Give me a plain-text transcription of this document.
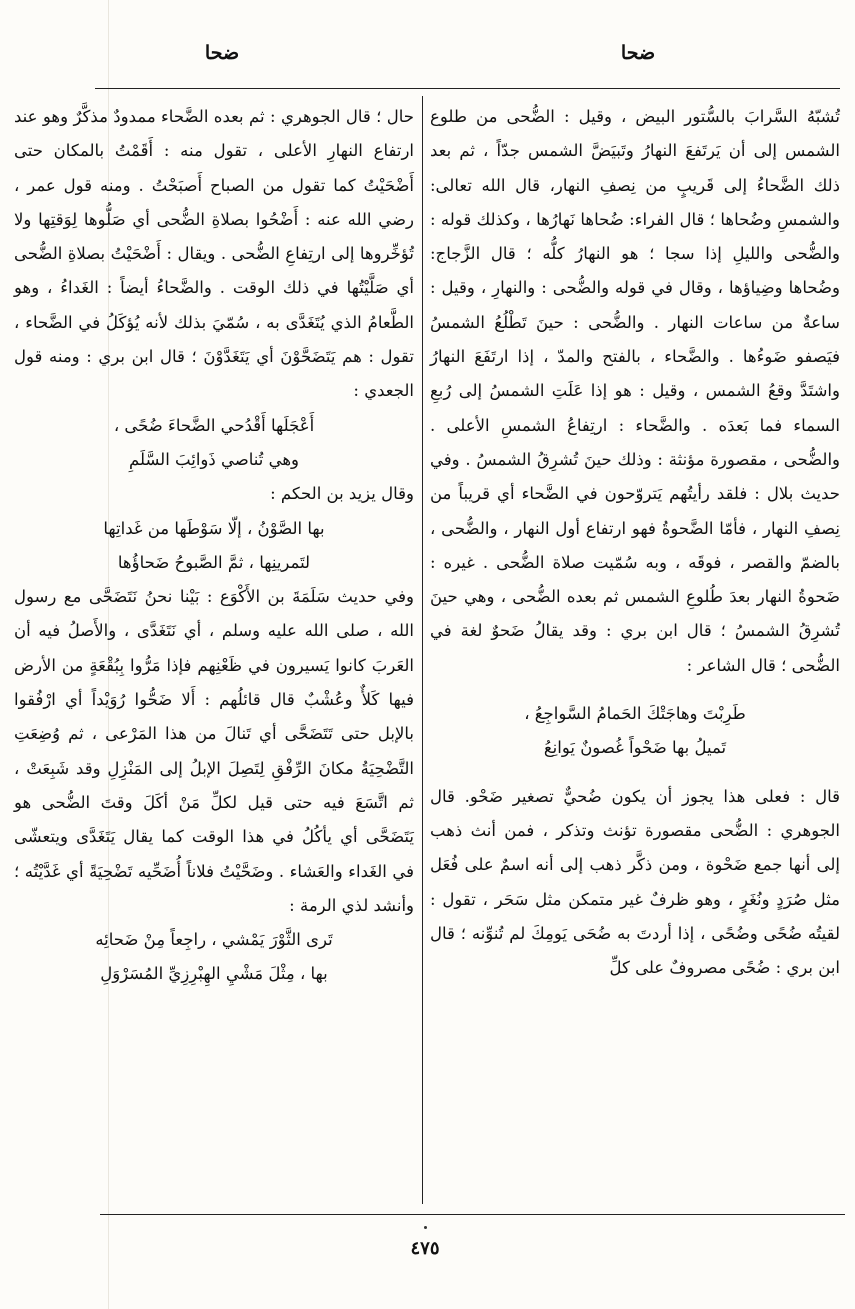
ضحا
ضحا

تُشبّهُ السَّرابَ بالسُّتور البيض ، وقيل : الضُّحى من طلوع الشمس إلى أن يَرتَفعَ النهارُ وتَبيَضَّ الشمس جدّاً ، ثم بعد ذلك الضَّحاءُ إلى قَريبٍ من نِصفِ النهار، قال الله تعالى: والشمسِ وضُحاها ؛ قال الفراء: ضُحاها نَهارُها ، وكذلك قوله : والضُّحى والليلِ إذا سجا ؛ هو النهارُ كلُّه ؛ قال الزَّجاج: وضُحاها وضِياؤها ، وقال في قوله والضُّحى : والنهارِ ، وقيل : ساعةٌ من ساعات النهار . والضُّحى : حينَ تَطْلُعُ الشمسُ فيَصفو ضَوءُها . والضَّحاء ، بالفتح والمدّ ، إذا ارتَفَعَ النهارُ واشتَدَّ وقعُ الشمس ، وقيل : هو إذا عَلَتِ الشمسُ إلى رُبعِ السماء فما بَعدَه . والضَّحاء : ارتِفاعُ الشمسِ الأعلى . والضُّحى ، مقصورة مؤنثة : وذلك حينَ تُشرِقُ الشمسُ . وفي حديث بلال : فلقد رأيتُهم يَتروّحون في الضَّحاء أي قريباً من نِصفِ النهار ، فأمّا الضَّحوةُ فهو ارتفاع أول النهار ، والضُّحى ، بالضمّ والقصر ، فوقَه ، وبه سُمّيت صلاة الضُّحى . غيره : ضَحوةُ النهار بعدَ طُلوعِ الشمس ثم بعده الضُّحى ، وهي حينَ تُشرِقُ الشمسُ ؛ قال ابن بري : وقد يقالُ ضَحوٌ لغة في الضُّحى ؛ قال الشاعر :

طَرِبْتَ وهاجَتْكَ الحَمامُ السَّواجِعُ ،

تَميلُ بها ضَحْواً غُصونٌ يَوانِعُ

قال : فعلى هذا يجوز أن يكون ضُحيٌّ تصغير ضَحْو. قال الجوهري : الضُّحى مقصورة تؤنث وتذكر ، فمن أنث ذهب إلى أنها جمع ضَحْوة ، ومن ذكَّر ذهب إلى أنه اسمٌ على فُعَل مثل صُرَدٍ ونُغَرٍ ، وهو ظرفٌ غير متمكن مثل سَحَر ، تقول : لقيتُه ضُحًى وضُحًى ، إذا أردتَ به ضُحَى يَومِكَ لم تُنوِّنه ؛ قال ابن بري : ضُحًى مصروفٌ على كلِّ

حال ؛ قال الجوهري : ثم بعده الضَّحاء ممدودٌ مذكَّرٌ وهو عند ارتفاع النهارِ الأعلى ، تقول منه : أَقَمْتُ بالمكان حتى أَضْحَيْتُ كما تقول من الصباح أَصبَحْتُ . ومنه قول عمر ، رضي الله عنه : أَضْحُوا بصلاةِ الضُّحى أي صَلُّوها لِوَقتِها ولا تُؤخِّروها إلى ارتِفاعِ الضُّحى . ويقال : أَضْحَيْتُ بصلاةِ الضُّحى أي صَلَّيْتُها في ذلك الوقت . والضَّحاءُ أيضاً : الغَداءُ ، وهو الطَّعامُ الذي يُتَغَدَّى به ، سُمّيَ بذلك لأنه يُؤكَلُ في الضَّحاء ، تقول : هم يَتَضَحَّوْنَ أي يَتَغَدَّوْنَ ؛ قال ابن بري : ومنه قول الجعدي :

أَعْجَلَها أَقْدُحي الضَّحاءَ ضُحًى ،

وهي تُناصي ذَوائِبَ السَّلَمِ

وقال يزيد بن الحكم :

بها الصَّوْنُ ، إلّا سَوْطَها من غَداتِها

لتَمرينِها ، ثمَّ الصَّبوحُ ضَحاؤُها

وفي حديث سَلَمَةَ بن الأَكْوَع : بَيْنا نحنُ نَتَضَحَّى مع رسول الله ، صلى الله عليه وسلم ، أي نَتَغَدَّى ، والأَصلُ فيه أن العَربَ كانوا يَسيرون في ظَعْنِهم فإذا مَرُّوا بِبُقْعَةٍ من الأرض فيها كَلأٌ وعُشْبٌ قال قائلُهم : أَلا ضَحُّوا رُوَيْداً أي ارْفُقوا بالإبل حتى تَتَضَحَّى أي تَنالَ من هذا المَرْعى ، ثم وُضِعَتِ التَّضْحِيَةُ مكانَ الرِّفْقِ لِتَصِلَ الإبلُ إلى المَنْزِلِ وقد شَبِعَتْ ، ثم اتَّسَعَ فيه حتى قيل لكلِّ مَنْ أكَلَ وقتَ الضُّحى هو يَتَضَحَّى أي يأكُلُ في هذا الوقت كما يقال يَتَغَدَّى ويتعشّى في الغَداء والعَشاء . وضَحَّيْتُ فلاناً أُضَحِّيه تَضْحِيَةً أي غَدَّيْتُه ؛ وأنشد لذي الرمة :

تَرى الثَّوْرَ يَمْشي ، راجِعاً مِنْ ضَحائِه

بها ، مِثْلَ مَشْيِ الهِبْرِزِيِّ المُسَرْوَلِ

٤٧٥
